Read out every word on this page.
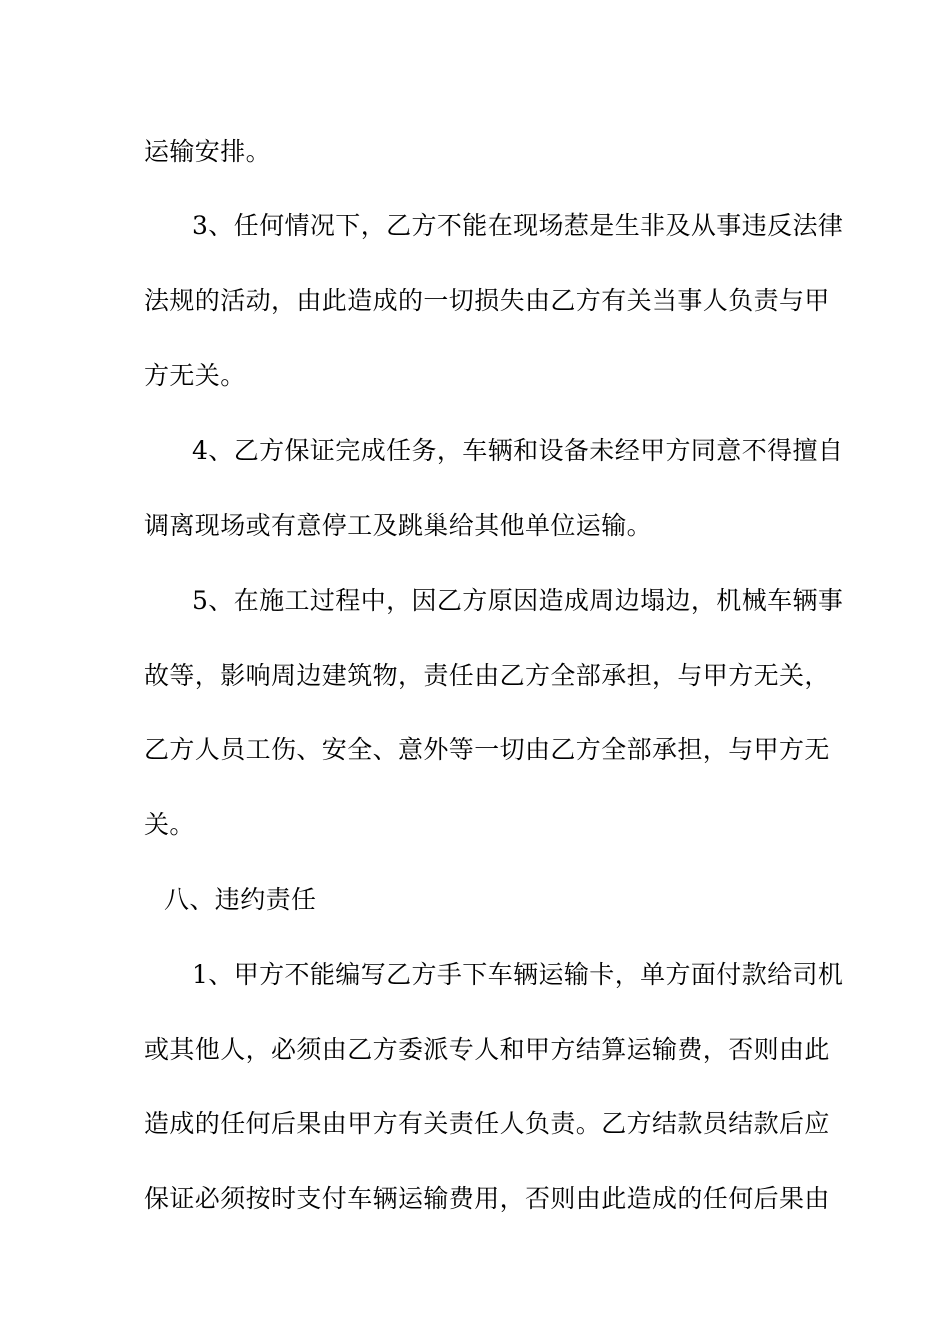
运输安排。
3、任何情况下，乙方不能在现场惹是生非及从事违反法律
法规的活动，由此造成的一切损失由乙方有关当事人负责与甲
方无关。
4、乙方保证完成任务，车辆和设备未经甲方同意不得擅自
调离现场或有意停工及跳巢给其他单位运输。
5、在施工过程中，因乙方原因造成周边塌边，机械车辆事
故等，影响周边建筑物，责任由乙方全部承担，与甲方无关，
乙方人员工伤、安全、意外等一切由乙方全部承担，与甲方无
关。
八、违约责任
1、甲方不能编写乙方手下车辆运输卡，单方面付款给司机
或其他人，必须由乙方委派专人和甲方结算运输费，否则由此
造成的任何后果由甲方有关责任人负责。乙方结款员结款后应
保证必须按时支付车辆运输费用，否则由此造成的任何后果由
